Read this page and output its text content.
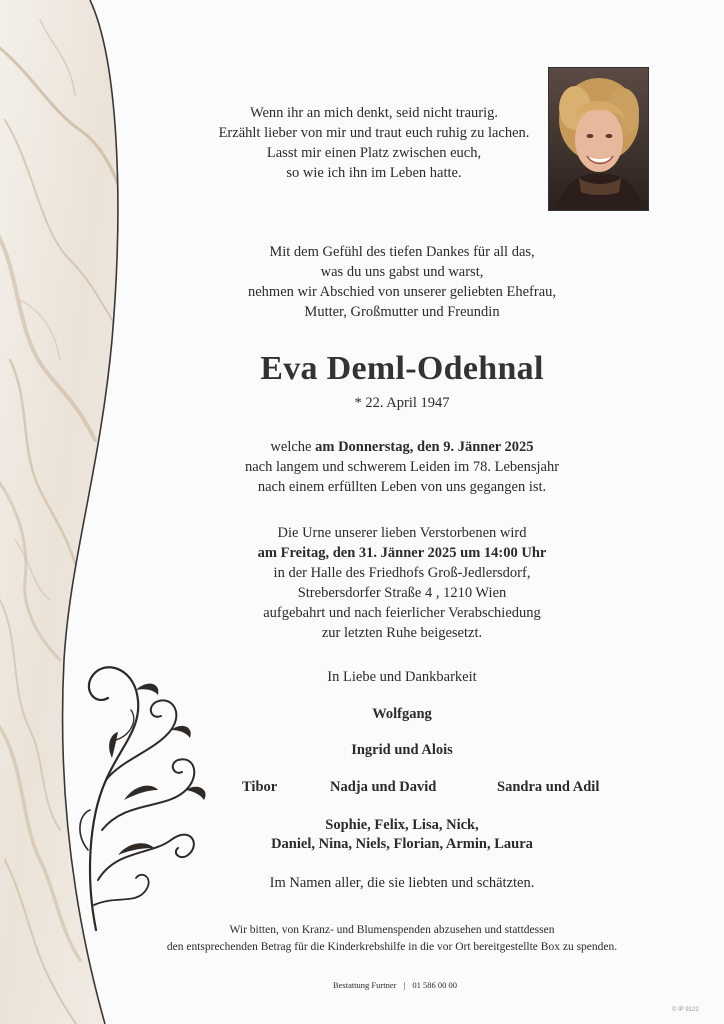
Wenn ihr an mich denkt, seid nicht traurig.
Erzählt lieber von mir und traut euch ruhig zu lachen.
Lasst mir einen Platz zwischen euch,
so wie ich ihn im Leben hatte.
Mit dem Gefühl des tiefen Dankes für all das,
was du uns gabst und warst,
nehmen wir Abschied von unserer geliebten Ehefrau,
Mutter, Großmutter und Freundin
Eva Deml-Odehnal
* 22. April 1947
welche am Donnerstag, den 9. Jänner 2025
nach langem und schwerem Leiden im 78. Lebensjahr
nach einem erfüllten Leben von uns gegangen ist.
Die Urne unserer lieben Verstorbenen wird
am Freitag, den 31. Jänner 2025 um 14:00 Uhr
in der Halle des Friedhofs Groß-Jedlersdorf,
Strebersdorfer Straße 4 , 1210 Wien
aufgebahrt und nach feierlicher Verabschiedung
zur letzten Ruhe beigesetzt.
In Liebe und Dankbarkeit
Wolfgang
Ingrid und Alois
Tibor	Nadja und David	Sandra und Adil
Sophie, Felix, Lisa, Nick,
Daniel, Nina, Niels, Florian, Armin, Laura
Im Namen aller, die sie liebten und schätzten.
Wir bitten, von Kranz- und Blumenspenden abzusehen und stattdessen
den entsprechenden Betrag für die Kinderkrebshilfe in die vor Ort bereitgestellte Box zu spenden.
Bestattung Furtner | 01 586 00 00
© IP 9122
